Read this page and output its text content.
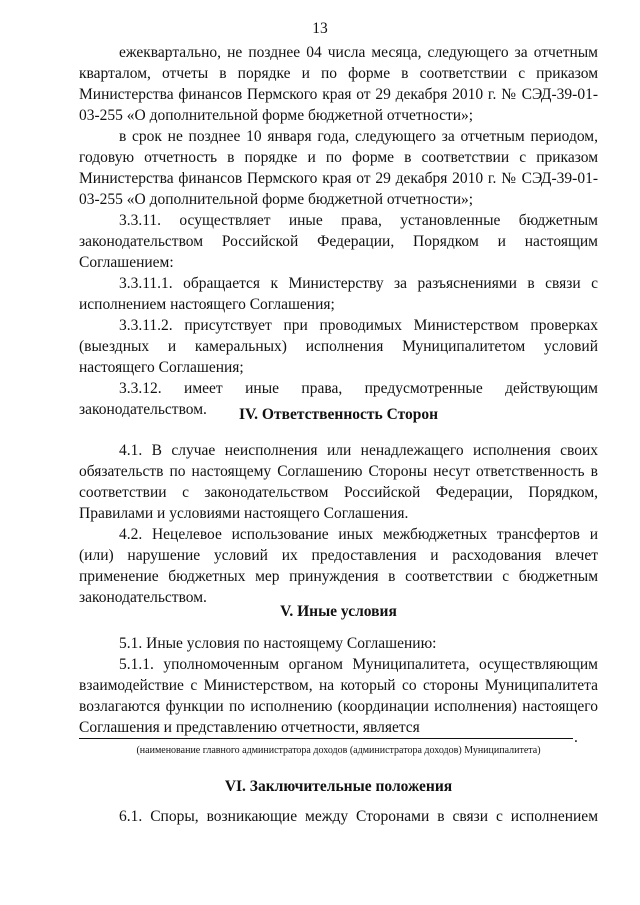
13

ежеквартально, не позднее 04 числа месяца, следующего за отчетным кварталом, отчеты в порядке и по форме в соответствии с приказом Министерства финансов Пермского края от 29 декабря 2010 г. № СЭД-39-01-03-255 «О дополнительной форме бюджетной отчетности»;

в срок не позднее 10 января года, следующего за отчетным периодом, годовую отчетность в порядке и по форме в соответствии с приказом Министерства финансов Пермского края от 29 декабря 2010 г. № СЭД-39-01-03-255 «О дополнительной форме бюджетной отчетности»;

3.3.11. осуществляет иные права, установленные бюджетным законодательством Российской Федерации, Порядком и настоящим Соглашением:

3.3.11.1. обращается к Министерству за разъяснениями в связи с исполнением настоящего Соглашения;

3.3.11.2. присутствует при проводимых Министерством проверках (выездных и камеральных) исполнения Муниципалитетом условий настоящего Соглашения;

3.3.12. имеет иные права, предусмотренные действующим законодательством.	IV. Ответственность Сторон

4.1. В случае неисполнения или ненадлежащего исполнения своих обязательств по настоящему Соглашению Стороны несут ответственность в соответствии с законодательством Российской Федерации, Порядком, Правилами и условиями настоящего Соглашения.

4.2. Нецелевое использование иных межбюджетных трансфертов и (или) нарушение условий их предоставления и расходования влечет применение бюджетных мер принуждения в соответствии с бюджетным законодательством.

V. Иные условия

5.1. Иные условия по настоящему Соглашению:

5.1.1. уполномоченным органом Муниципалитета, осуществляющим взаимодействие с Министерством, на который со стороны Муниципалитета возлагаются функции по исполнению (координации исполнения) настоящего Соглашения и представлению отчетности, является

.
(наименование главного администратора доходов (администратора доходов) Муниципалитета)
VI. Заключительные положения

6.1. Споры, возникающие между Сторонами в связи с исполнением
